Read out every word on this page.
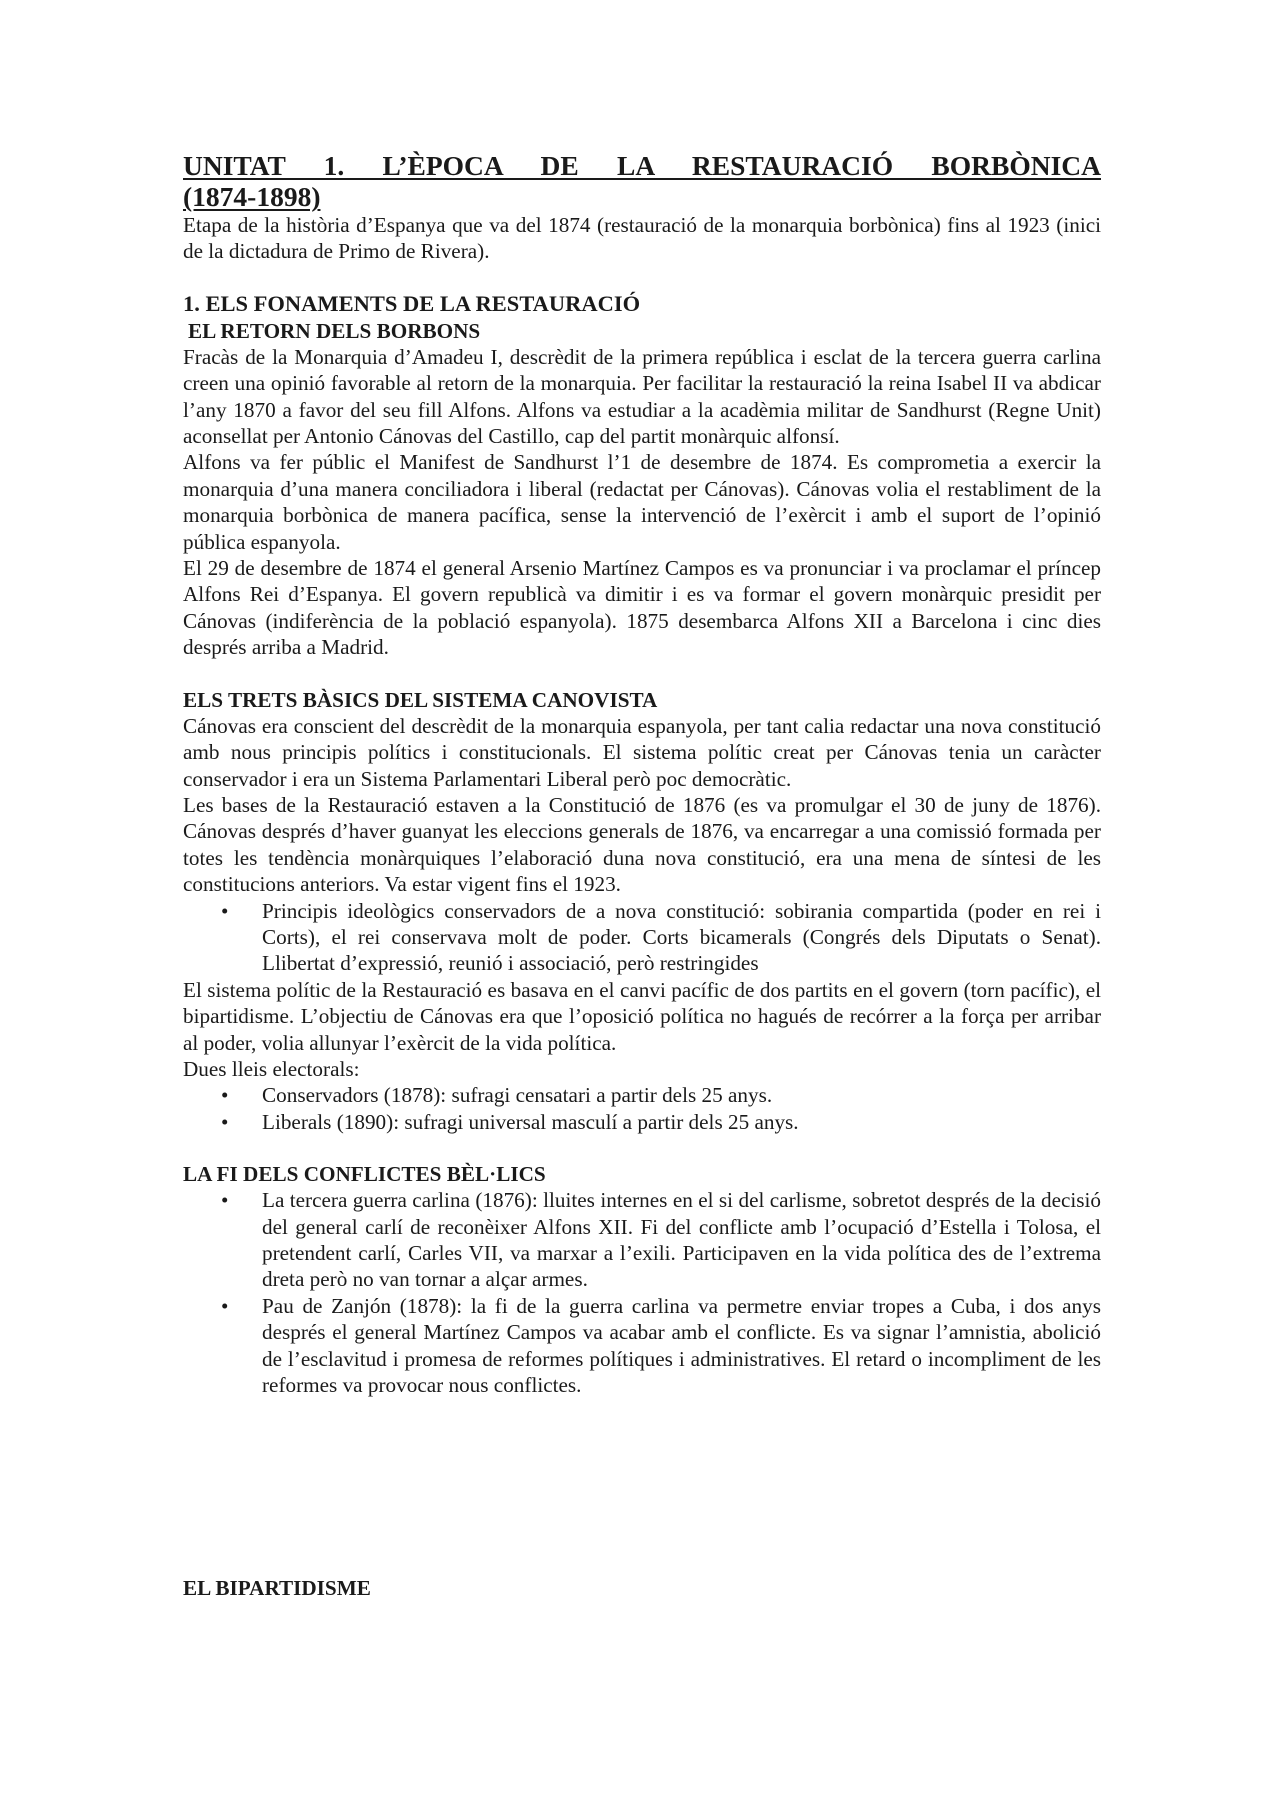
UNITAT 1. L’ÈPOCA DE LA RESTAURACIÓ BORBÒNICA
(1874-1898)

Etapa de la història d’Espanya que va del 1874 (restauració de la monarquia borbònica) fins al 1923 (inici de la dictadura de Primo de Rivera).

1. ELS FONAMENTS DE LA RESTAURACIÓ
EL RETORN DELS BORBONS

Fracàs de la Monarquia d’Amadeu I, descrèdit de la primera república i esclat de la tercera guerra carlina creen una opinió favorable al retorn de la monarquia. Per facilitar la restauració la reina Isabel II va abdicar l’any 1870 a favor del seu fill Alfons. Alfons va estudiar a la acadèmia militar de Sandhurst (Regne Unit) aconsellat per Antonio Cánovas del Castillo, cap del partit monàrquic alfonsí.

Alfons va fer públic el Manifest de Sandhurst l’1 de desembre de 1874. Es comprometia a exercir la monarquia d’una manera conciliadora i liberal (redactat per Cánovas). Cánovas volia el restabliment de la monarquia borbònica de manera pacífica, sense la intervenció de l’exèrcit i amb el suport de l’opinió pública espanyola.

El 29 de desembre de 1874 el general Arsenio Martínez Campos es va pronunciar i va proclamar el príncep Alfons Rei d’Espanya. El govern republicà va dimitir i es va formar el govern monàrquic presidit per Cánovas (indiferència de la població espanyola). 1875 desembarca Alfons XII a Barcelona i cinc dies després arriba a Madrid.

ELS TRETS BÀSICS DEL SISTEMA CANOVISTA

Cánovas era conscient del descrèdit de la monarquia espanyola, per tant calia redactar una nova constitució amb nous principis polítics i constitucionals. El sistema polític creat per Cánovas tenia un caràcter conservador i era un Sistema Parlamentari Liberal però poc democràtic.

Les bases de la Restauració estaven a la Constitució de 1876 (es va promulgar el 30 de juny de 1876). Cánovas després d’haver guanyat les eleccions generals de 1876, va encarregar a una comissió formada per totes les tendència monàrquiques l’elaboració duna nova constitució, era una mena de síntesi de les constitucions anteriors. Va estar vigent fins el 1923.

• Principis ideològics conservadors de a nova constitució: sobirania compartida (poder en rei i Corts), el rei conservava molt de poder. Corts bicamerals (Congrés dels Diputats o Senat). Llibertat d’expressió, reunió i associació, però restringides

El sistema polític de la Restauració es basava en el canvi pacífic de dos partits en el govern (torn pacífic), el bipartidisme. L’objectiu de Cánovas era que l’oposició política no hagués de recórrer a la força per arribar al poder, volia allunyar l’exèrcit de la vida política.

Dues lleis electorals:

• Conservadors (1878): sufragi censatari a partir dels 25 anys.
• Liberals (1890): sufragi universal masculí a partir dels 25 anys.
LA FI DELS CONFLICTES BÈL·LICS
• La tercera guerra carlina (1876): lluites internes en el si del carlisme, sobretot després de la decisió del general carlí de reconèixer Alfons XII. Fi del conflicte amb l’ocupació d’Estella i Tolosa, el pretendent carlí, Carles VII, va marxar a l’exili. Participaven en la vida política des de l’extrema dreta però no van tornar a alçar armes.
• Pau de Zanjón (1878): la fi de la guerra carlina va permetre enviar tropes a Cuba, i dos anys després el general Martínez Campos va acabar amb el conflicte. Es va signar l’amnistia, abolició de l’esclavitud i promesa de reformes polítiques i administratives. El retard o incompliment de les reformes va provocar nous conflictes.
EL BIPARTIDISME
